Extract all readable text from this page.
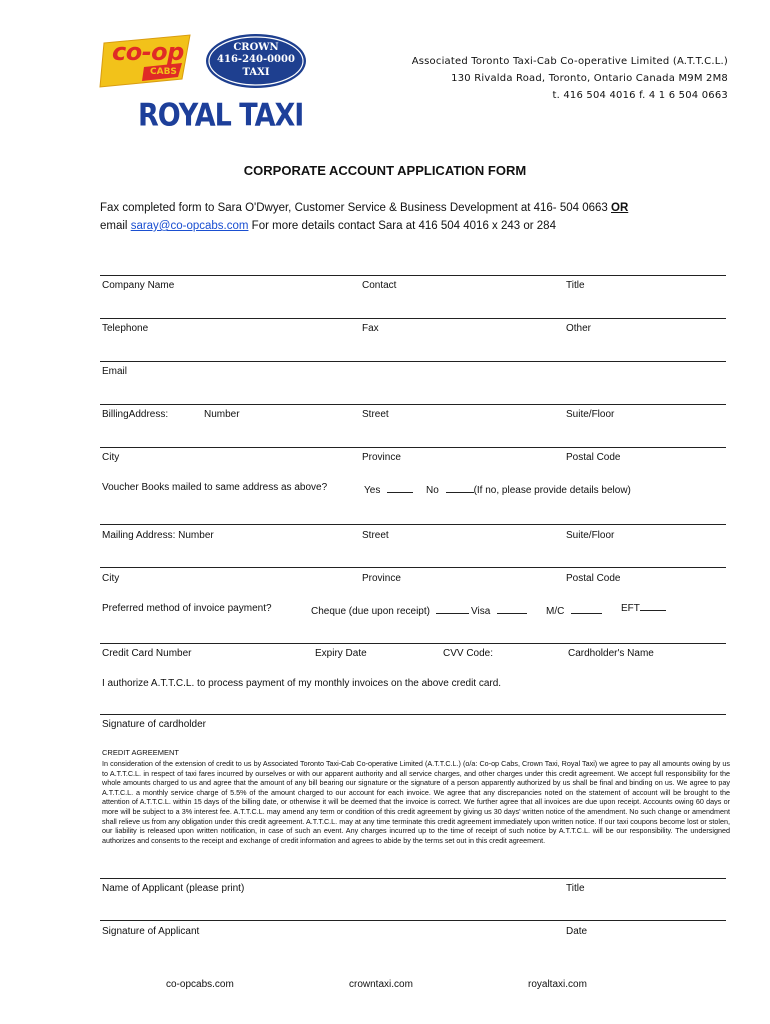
co-op
CABS
CROWN
416-240-0000
TAXI
ROYAL TAXI
Associated Toronto Taxi-Cab Co-operative Limited (A.T.T.C.L.)
130 Rivalda Road, Toronto, Ontario Canada M9M 2M8
t. 416 504 4016 f. 4 1 6 504 0663
CORPORATE ACCOUNT APPLICATION FORM
Fax completed form to Sara O'Dwyer, Customer Service & Business Development at 416- 504 0663 OR
email saray@co-opcabs.com For more details contact Sara at 416 504 4016 x 243 or 284
Company Name	Contact	Title
Telephone	Fax	Other
Email
BillingAddress:	Number	Street	Suite/Floor
City	Province	Postal Code
Voucher Books mailed to same address as above?	Yes	No	(If no, please provide details below)
Mailing Address: Number	Street	Suite/Floor
City	Province	Postal Code
Preferred method of invoice payment?	Cheque (due upon receipt)	Visa	M/C	EFT
Credit Card Number	Expiry Date	CVV Code:	Cardholder's Name
I authorize A.T.T.C.L. to process payment of my monthly invoices on the above credit card.
Signature of cardholder
CREDIT AGREEMENT
In consideration of the extension of credit to us by Associated Toronto Taxi-Cab Co-operative Limited (A.T.T.C.L.) (o/a: Co-op Cabs, Crown Taxi, Royal Taxi) we agree to pay all amounts owing by us to A.T.T.C.L. in respect of taxi fares incurred by ourselves or with our apparent authority and all service charges, and other charges under this credit agreement. We accept full responsibility for the whole amounts charged to us and agree that the amount of any bill bearing our signature or the signature of a person apparently authorized by us shall be final and binding on us. We agree to pay A.T.T.C.L. a monthly service charge of 5.5% of the amount charged to our account for each invoice. We agree that any discrepancies noted on the statement of account will be brought to the attention of A.T.T.C.L. within 15 days of the billing date, or otherwise it will be deemed that the invoice is correct. We further agree that all invoices are due upon receipt. Accounts owing 60 days or more will be subject to a 3% interest fee. A.T.T.C.L. may amend any term or condition of this credit agreement by giving us 30 days' written notice of the amendment. No such change or amendment shall relieve us from any obligation under this credit agreement. A.T.T.C.L. may at any time terminate this credit agreement immediately upon written notice. If our taxi coupons become lost or stolen, our liability is released upon written notification, in case of such an event. Any charges incurred up to the time of receipt of such notice by A.T.T.C.L. will be our responsibility. The undersigned authorizes and consents to the receipt and exchange of credit information and agrees to abide by the terms set out in this credit agreement.
Name of Applicant (please print)	Title
Signature of Applicant	Date
co-opcabs.com	crowntaxi.com	royaltaxi.com
